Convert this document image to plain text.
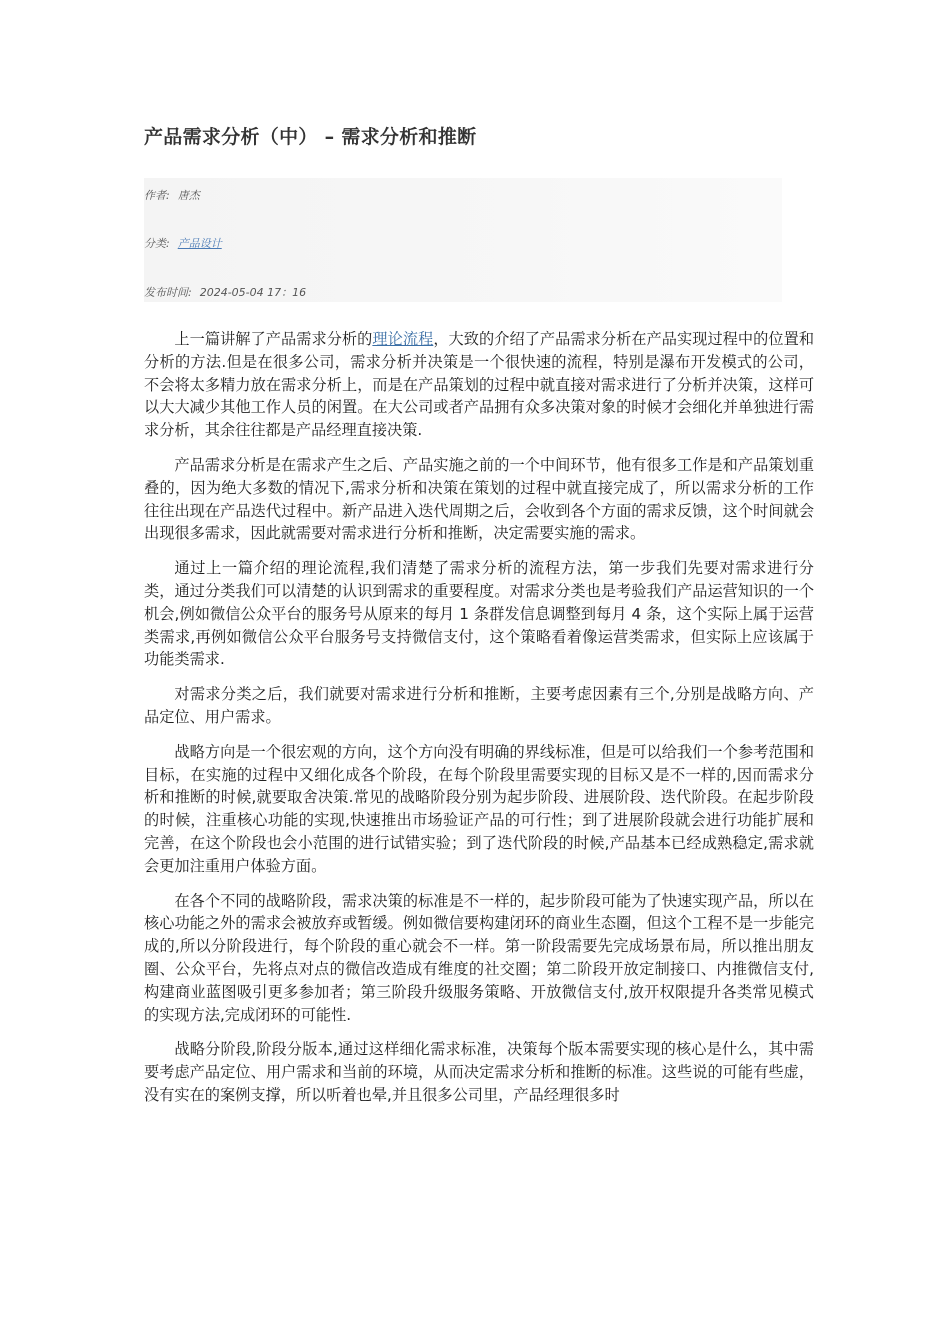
产品需求分析（中） – 需求分析和推断
作者: 唐杰
分类: 产品设计
发布时间: 2024-05-04 17：16

上一篇讲解了产品需求分析的理论流程，大致的介绍了产品需求分析在产品实现过程中的位置和分析的方法.但是在很多公司，需求分析并决策是一个很快速的流程，特别是瀑布开发模式的公司，不会将太多精力放在需求分析上，而是在产品策划的过程中就直接对需求进行了分析并决策，这样可以大大减少其他工作人员的闲置。在大公司或者产品拥有众多决策对象的时候才会细化并单独进行需求分析，其余往往都是产品经理直接决策.

产品需求分析是在需求产生之后、产品实施之前的一个中间环节，他有很多工作是和产品策划重叠的，因为绝大多数的情况下,需求分析和决策在策划的过程中就直接完成了，所以需求分析的工作往往出现在产品迭代过程中。新产品进入迭代周期之后，会收到各个方面的需求反馈，这个时间就会出现很多需求，因此就需要对需求进行分析和推断，决定需要实施的需求。

通过上一篇介绍的理论流程,我们清楚了需求分析的流程方法，第一步我们先要对需求进行分类，通过分类我们可以清楚的认识到需求的重要程度。对需求分类也是考验我们产品运营知识的一个机会,例如微信公众平台的服务号从原来的每月 1 条群发信息调整到每月 4 条，这个实际上属于运营类需求,再例如微信公众平台服务号支持微信支付，这个策略看着像运营类需求，但实际上应该属于功能类需求.

对需求分类之后，我们就要对需求进行分析和推断，主要考虑因素有三个,分别是战略方向、产品定位、用户需求。

战略方向是一个很宏观的方向，这个方向没有明确的界线标准，但是可以给我们一个参考范围和目标，在实施的过程中又细化成各个阶段，在每个阶段里需要实现的目标又是不一样的,因而需求分析和推断的时候,就要取舍决策.常见的战略阶段分别为起步阶段、进展阶段、迭代阶段。在起步阶段的时候，注重核心功能的实现,快速推出市场验证产品的可行性；到了进展阶段就会进行功能扩展和完善，在这个阶段也会小范围的进行试错实验；到了迭代阶段的时候,产品基本已经成熟稳定,需求就会更加注重用户体验方面。

在各个不同的战略阶段，需求决策的标准是不一样的，起步阶段可能为了快速实现产品，所以在核心功能之外的需求会被放弃或暂缓。例如微信要构建闭环的商业生态圈，但这个工程不是一步能完成的,所以分阶段进行，每个阶段的重心就会不一样。第一阶段需要先完成场景布局，所以推出朋友圈、公众平台，先将点对点的微信改造成有维度的社交圈；第二阶段开放定制接口、内推微信支付,构建商业蓝图吸引更多参加者；第三阶段升级服务策略、开放微信支付,放开权限提升各类常见模式的实现方法,完成闭环的可能性.

战略分阶段,阶段分版本,通过这样细化需求标准，决策每个版本需要实现的核心是什么，其中需要考虑产品定位、用户需求和当前的环境，从而决定需求分析和推断的标准。这些说的可能有些虚，没有实在的案例支撑，所以听着也晕,并且很多公司里，产品经理很多时
